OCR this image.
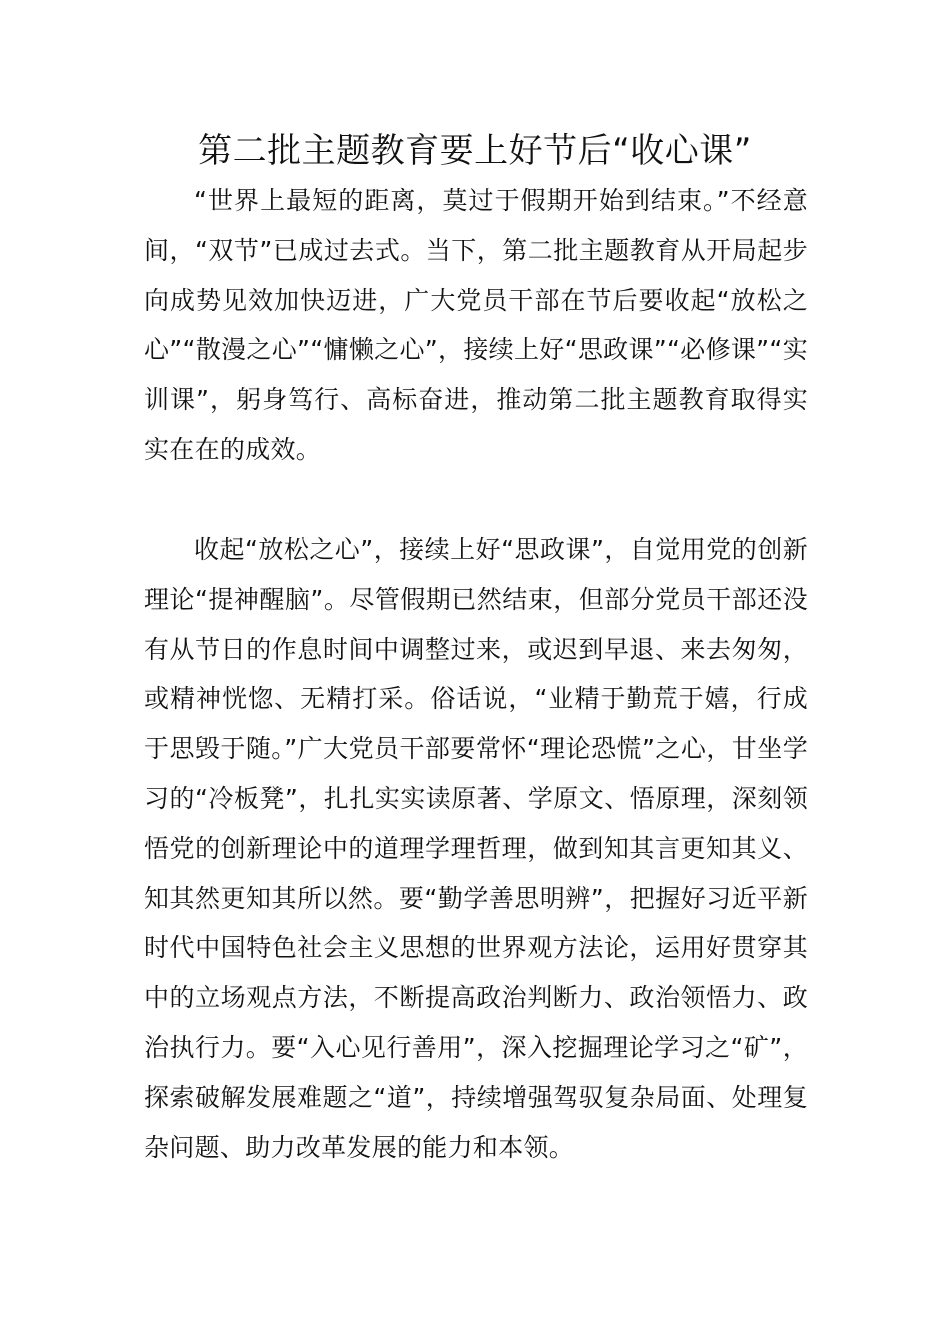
第二批主题教育要上好节后“收心课”

“世界上最短的距离，莫过于假期开始到结束。”不经意间，“双节”已成过去式。当下，第二批主题教育从开局起步向成势见效加快迈进，广大党员干部在节后要收起“放松之心”“散漫之心”“慵懒之心”，接续上好“思政课”“必修课”“实训课”，躬身笃行、高标奋进，推动第二批主题教育取得实实在在的成效。

收起“放松之心”，接续上好“思政课”，自觉用党的创新理论“提神醒脑”。尽管假期已然结束，但部分党员干部还没有从节日的作息时间中调整过来，或迟到早退、来去匆匆，或精神恍惚、无精打采。俗话说，“业精于勤荒于嬉，行成于思毁于随。”广大党员干部要常怀“理论恐慌”之心，甘坐学习的“冷板凳”，扎扎实实读原著、学原文、悟原理，深刻领悟党的创新理论中的道理学理哲理，做到知其言更知其义、知其然更知其所以然。要“勤学善思明辨”，把握好习近平新时代中国特色社会主义思想的世界观方法论，运用好贯穿其中的立场观点方法，不断提高政治判断力、政治领悟力、政治执行力。要“入心见行善用”，深入挖掘理论学习之“矿”，探索破解发展难题之“道”，持续增强驾驭复杂局面、处理复杂问题、助力改革发展的能力和本领。
